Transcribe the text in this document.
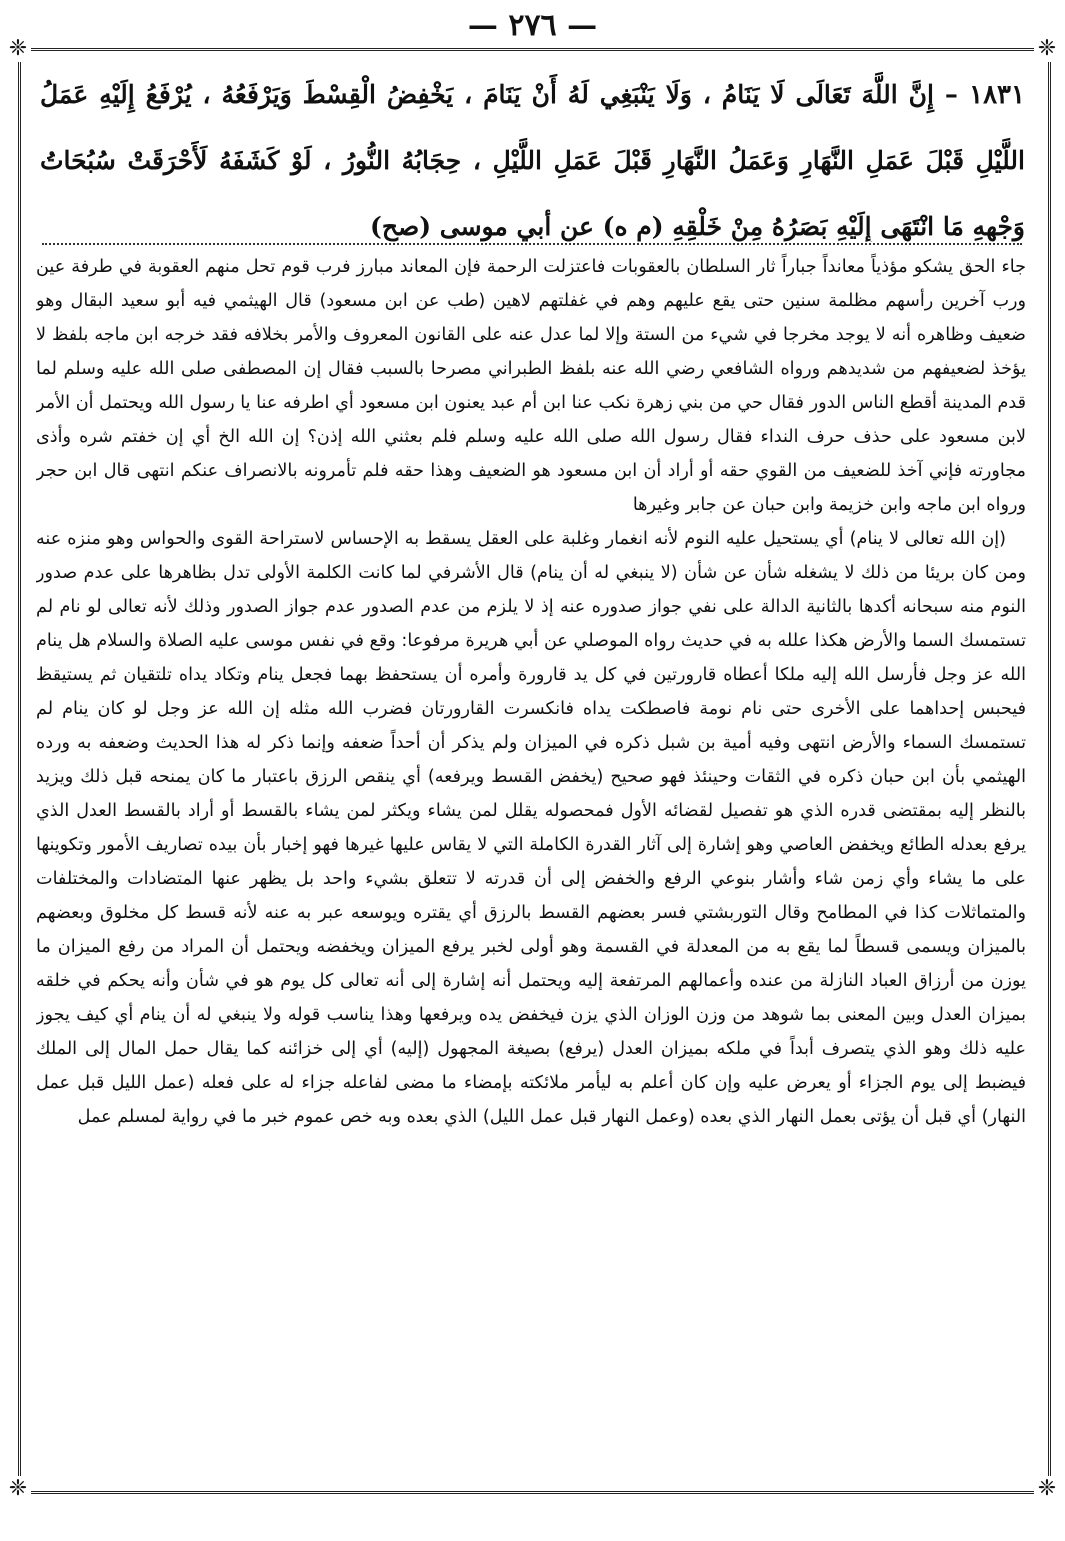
— ٢٧٦ —
❈	❈
❈	❈
١٨٣١ – إِنَّ اللَّهَ تَعَالَى لَا يَنَامُ ، وَلَا يَنْبَغِي لَهُ أَنْ يَنَامَ ، يَخْفِضُ الْقِسْطَ وَيَرْفَعُهُ ، يُرْفَعُ إِلَيْهِ عَمَلُ اللَّيْلِ قَبْلَ عَمَلِ النَّهَارِ وَعَمَلُ النَّهَارِ قَبْلَ عَمَلِ اللَّيْلِ ، حِجَابُهُ النُّورُ ، لَوْ كَشَفَهُ لَأَحْرَقَتْ سُبُحَاتُ وَجْهِهِ مَا انْتَهَى إِلَيْهِ بَصَرُهُ مِنْ خَلْقِهِ (م ه) عن أبي موسى (صح)

جاء الحق يشكو مؤذياً معانداً جباراً ثار السلطان بالعقوبات فاعتزلت الرحمة فإن المعاند مبارز فرب قوم تحل منهم العقوبة في طرفة عين ورب آخرين رأسهم مظلمة سنين حتى يقع عليهم وهم في غفلتهم لاهين (طب عن ابن مسعود) قال الهيثمي فيه أبو سعيد البقال وهو ضعيف وظاهره أنه لا يوجد مخرجا في شيء من الستة وإلا لما عدل عنه على القانون المعروف والأمر بخلافه فقد خرجه ابن ماجه بلفظ لا يؤخذ لضعيفهم من شديدهم ورواه الشافعي رضي الله عنه بلفظ الطبراني مصرحا بالسبب فقال إن المصطفى صلى الله عليه وسلم لما قدم المدينة أقطع الناس الدور فقال حي من بني زهرة نكب عنا ابن أم عبد يعنون ابن مسعود أي اطرفه عنا يا رسول الله ويحتمل أن الأمر لابن مسعود على حذف حرف النداء فقال رسول الله صلى الله عليه وسلم فلم بعثني الله إذن؟ إن الله الخ أي إن خفتم شره وأذى مجاورته فإني آخذ للضعيف من القوي حقه أو أراد أن ابن مسعود هو الضعيف وهذا حقه فلم تأمرونه بالانصراف عنكم انتهى قال ابن حجر ورواه ابن ماجه وابن خزيمة وابن حبان عن جابر وغيرها

(إن الله تعالى لا ينام) أي يستحيل عليه النوم لأنه انغمار وغلبة على العقل يسقط به الإحساس لاستراحة القوى والحواس وهو منزه عنه ومن كان بريئا من ذلك لا يشغله شأن عن شأن (لا ينبغي له أن ينام) قال الأشرفي لما كانت الكلمة الأولى تدل بظاهرها على عدم صدور النوم منه سبحانه أكدها بالثانية الدالة على نفي جواز صدوره عنه إذ لا يلزم من عدم الصدور عدم جواز الصدور وذلك لأنه تعالى لو نام لم تستمسك السما والأرض هكذا علله به في حديث رواه الموصلي عن أبي هريرة مرفوعا: وقع في نفس موسى عليه الصلاة والسلام هل ينام الله عز وجل فأرسل الله إليه ملكا أعطاه قارورتين في كل يد قارورة وأمره أن يستحفظ بهما فجعل ينام وتكاد يداه تلتقيان ثم يستيقظ فيحبس إحداهما على الأخرى حتى نام نومة فاصطكت يداه فانكسرت القارورتان فضرب الله مثله إن الله عز وجل لو كان ينام لم تستمسك السماء والأرض انتهى وفيه أمية بن شبل ذكره في الميزان ولم يذكر أن أحداً ضعفه وإنما ذكر له هذا الحديث وضعفه به ورده الهيثمي بأن ابن حبان ذكره في الثقات وحينئذ فهو صحيح (يخفض القسط ويرفعه) أي ينقص الرزق باعتبار ما كان يمنحه قبل ذلك ويزيد بالنظر إليه بمقتضى قدره الذي هو تفصيل لقضائه الأول فمحصوله يقلل لمن يشاء ويكثر لمن يشاء بالقسط أو أراد بالقسط العدل الذي يرفع بعدله الطائع ويخفض العاصي وهو إشارة إلى آثار القدرة الكاملة التي لا يقاس عليها غيرها فهو إخبار بأن بيده تصاريف الأمور وتكوينها على ما يشاء وأي زمن شاء وأشار بنوعي الرفع والخفض إلى أن قدرته لا تتعلق بشيء واحد بل يظهر عنها المتضادات والمختلفات والمتماثلات كذا في المطامح وقال التوربشتي فسر بعضهم القسط بالرزق أي يقتره ويوسعه عبر به عنه لأنه قسط كل مخلوق وبعضهم بالميزان ويسمى قسطاً لما يقع به من المعدلة في القسمة وهو أولى لخبر يرفع الميزان ويخفضه ويحتمل أن المراد من رفع الميزان ما يوزن من أرزاق العباد النازلة من عنده وأعمالهم المرتفعة إليه ويحتمل أنه إشارة إلى أنه تعالى كل يوم هو في شأن وأنه يحكم في خلقه بميزان العدل وبين المعنى بما شوهد من وزن الوزان الذي يزن فيخفض يده ويرفعها وهذا يناسب قوله ولا ينبغي له أن ينام أي كيف يجوز عليه ذلك وهو الذي يتصرف أبداً في ملكه بميزان العدل (يرفع) بصيغة المجهول (إليه) أي إلى خزائنه كما يقال حمل المال إلى الملك فيضبط إلى يوم الجزاء أو يعرض عليه وإن كان أعلم به ليأمر ملائكته بإمضاء ما مضى لفاعله جزاء له على فعله (عمل الليل قبل عمل النهار) أي قبل أن يؤتى بعمل النهار الذي بعده (وعمل النهار قبل عمل الليل) الذي بعده وبه خص عموم خبر ما في رواية لمسلم عمل
